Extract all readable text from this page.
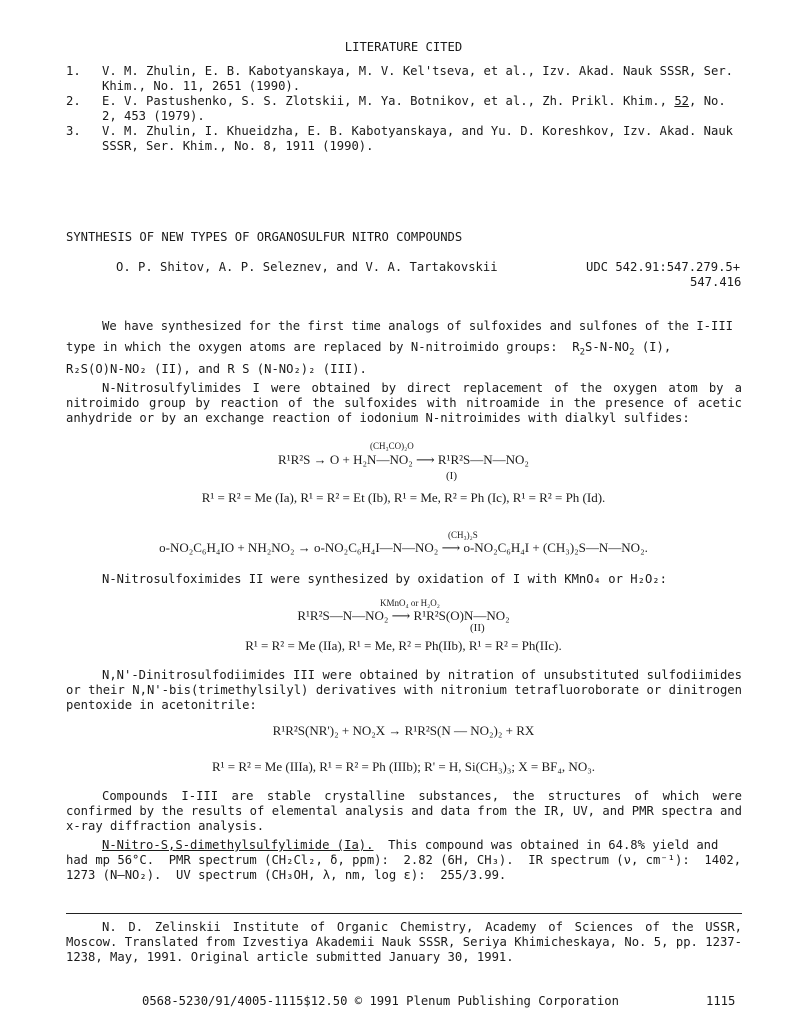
LITERATURE CITED
1. V. M. Zhulin, E. B. Kabotyanskaya, M. V. Kel'tseva, et al., Izv. Akad. Nauk SSSR, Ser. Khim., No. 11, 2651 (1990).
2. E. V. Pastushenko, S. S. Zlotskii, M. Ya. Botnikov, et al., Zh. Prikl. Khim., 52, No. 2, 453 (1979).
3. V. M. Zhulin, I. Khueidzha, E. B. Kabotyanskaya, and Yu. D. Koreshkov, Izv. Akad. Nauk SSSR, Ser. Khim., No. 8, 1911 (1990).
SYNTHESIS OF NEW TYPES OF ORGANOSULFUR NITRO COMPOUNDS
O. P. Shitov, A. P. Seleznev, and V. A. Tartakovskii	UDC 542.91:547.279.5+
547.416
We have synthesized for the first time analogs of sulfoxides and sulfones of the I-III
type in which the oxygen atoms are replaced by N-nitroimido groups:  $R_2S-N-NO_2$ (I),
R₂S(O)N-NO₂ (II), and R S (N-NO₂)₂ (III).
N-Nitrosulfylimides I were obtained by direct replacement of the oxygen atom by a nitroimido group by reaction of the sulfoxides with nitroamide in the presence of acetic anhydride or by an exchange reaction of iodonium N-nitroimides with dialkyl sulfides:
(CH₃CO)₂O
R¹R²S → O + H₂N—NO₂ ⟶ R¹R²S—N—NO₂
(I)
R¹ = R² = Me (Ia), R¹ = R² = Et (Ib), R¹ = Me, R² = Ph (Ic), R¹ = R² = Ph (Id).
(CH₃)₂S
o-NO₂C₆H₄IO + NH₂NO₂ → o-NO₂C₆H₄I—N—NO₂ ⟶ o-NO₂C₆H₄I + (CH₃)₂S—N—NO₂.
N-Nitrosulfoximides II were synthesized by oxidation of I with KMnO₄ or H₂O₂:
KMnO₄ or H₂O₂
R¹R²S—N—NO₂ ⟶ R¹R²S(O)N—NO₂
(II)
R¹ = R² = Me (IIa), R¹ = Me, R² = Ph(IIb), R¹ = R² = Ph(IIc).
N,N'-Dinitrosulfodiimides III were obtained by nitration of unsubstituted sulfodiimides or their N,N'-bis(trimethylsilyl) derivatives with nitronium tetrafluoroborate or dinitrogen pentoxide in acetonitrile:
R¹R²S(NR')₂ + NO₂X → R¹R²S(N — NO₂)₂ + RX
R¹ = R² = Me (IIIa), R¹ = R² = Ph (IIIb); R' = H, Si(CH₃)₃; X = BF₄, NO₃.
Compounds I-III are stable crystalline substances, the structures of which were confirmed by the results of elemental analysis and data from the IR, UV, and PMR spectra and x-ray diffraction analysis.
N-Nitro-S,S-dimethylsulfylimide (Ia).  This compound was obtained in 64.8% yield and
had mp 56°C.  PMR spectrum (CH₂Cl₂, δ, ppm):  2.82 (6H, CH₃).  IR spectrum (ν, cm⁻¹):  1402,
1273 (N—NO₂).  UV spectrum (CH₃OH, λ, nm, log ε):  255/3.99.
N. D. Zelinskii Institute of Organic Chemistry, Academy of Sciences of the USSR, Moscow. Translated from Izvestiya Akademii Nauk SSSR, Seriya Khimicheskaya, No. 5, pp. 1237-1238, May, 1991. Original article submitted January 30, 1991.
0568-5230/91/4005-1115$12.50 © 1991 Plenum Publishing Corporation	1115
